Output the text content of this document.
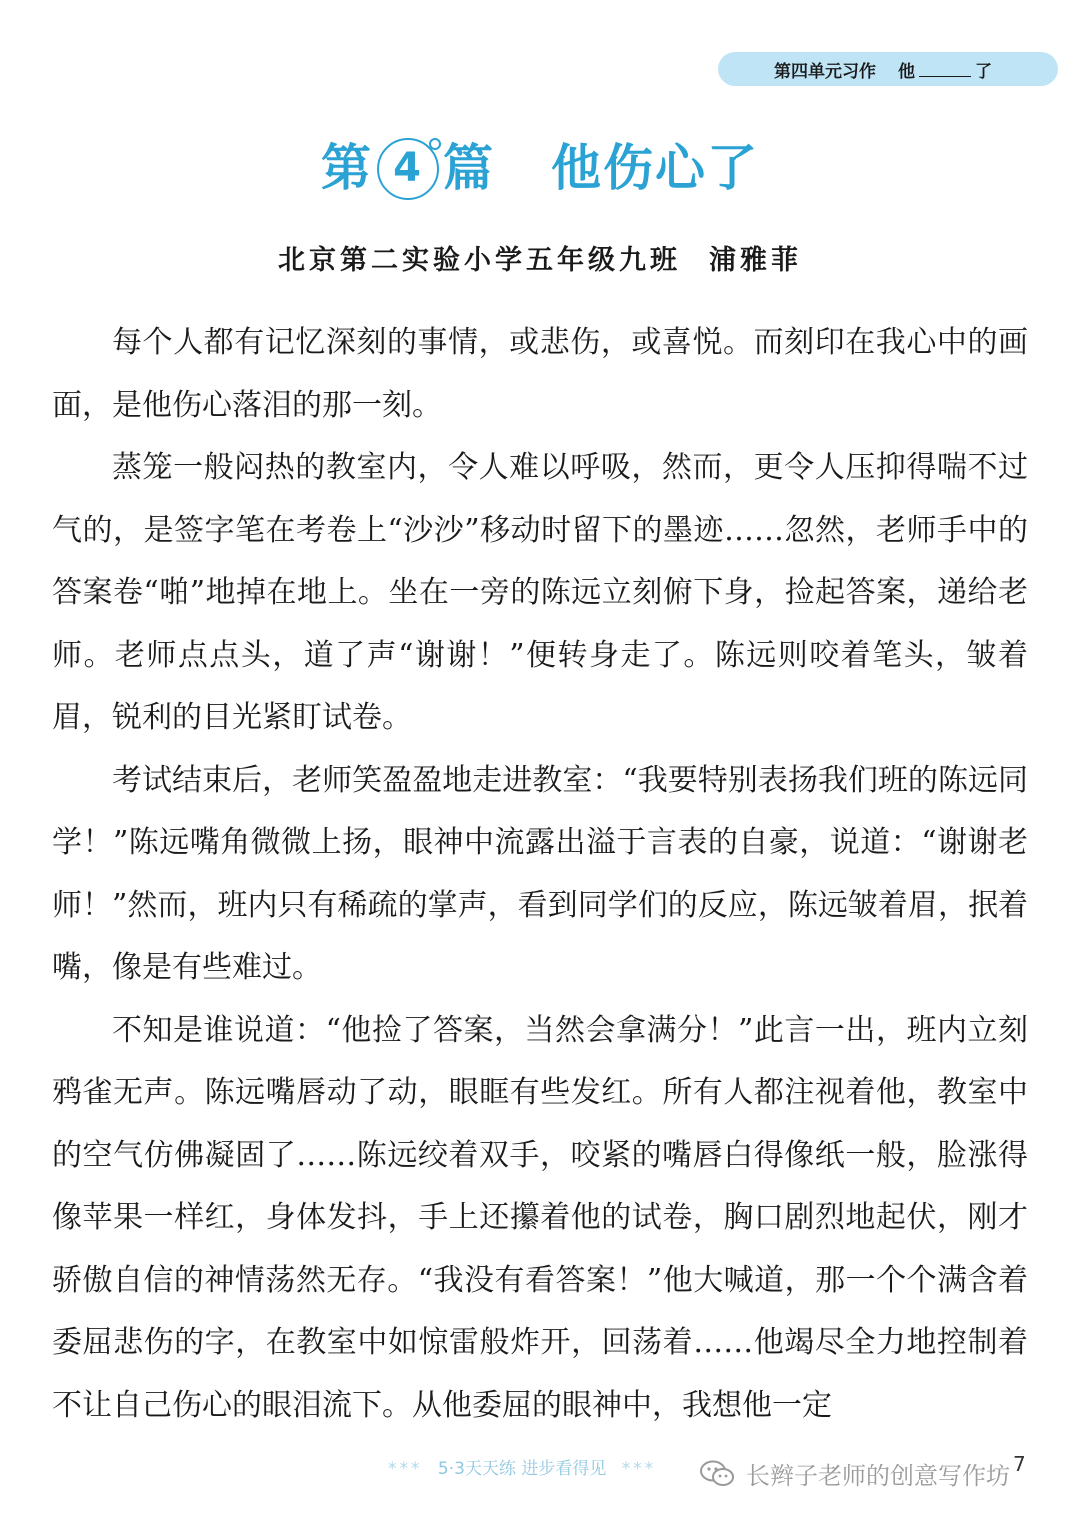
第四单元习作 他	了
第 4 篇 他伤心了
北京第二实验小学五年级九班 浦雅菲

每个人都有记忆深刻的事情，或悲伤，或喜悦。而刻印在我心中的画面，是他伤心落泪的那一刻。

蒸笼一般闷热的教室内，令人难以呼吸，然而，更令人压抑得喘不过气的，是签字笔在考卷上“沙沙”移动时留下的墨迹……忽然，老师手中的答案卷“啪”地掉在地上。坐在一旁的陈远立刻俯下身，捡起答案，递给老师。老师点点头，道了声“谢谢！”便转身走了。陈远则咬着笔头，皱着眉，锐利的目光紧盯试卷。

考试结束后，老师笑盈盈地走进教室：“我要特别表扬我们班的陈远同学！”陈远嘴角微微上扬，眼神中流露出溢于言表的自豪，说道：“谢谢老师！”然而，班内只有稀疏的掌声，看到同学们的反应，陈远皱着眉，抿着嘴，像是有些难过。

不知是谁说道：“他捡了答案，当然会拿满分！”此言一出，班内立刻鸦雀无声。陈远嘴唇动了动，眼眶有些发红。所有人都注视着他，教室中的空气仿佛凝固了……陈远绞着双手，咬紧的嘴唇白得像纸一般，脸涨得像苹果一样红，身体发抖，手上还攥着他的试卷，胸口剧烈地起伏，刚才骄傲自信的神情荡然无存。“我没有看答案！”他大喊道，那一个个满含着委屈悲伤的字，在教室中如惊雷般炸开，回荡着……他竭尽全力地控制着不让自己伤心的眼泪流下。从他委屈的眼神中，我想他一定

*** 5·3天天练 进步看得见 ***	长辫子老师的创意写作坊 7
